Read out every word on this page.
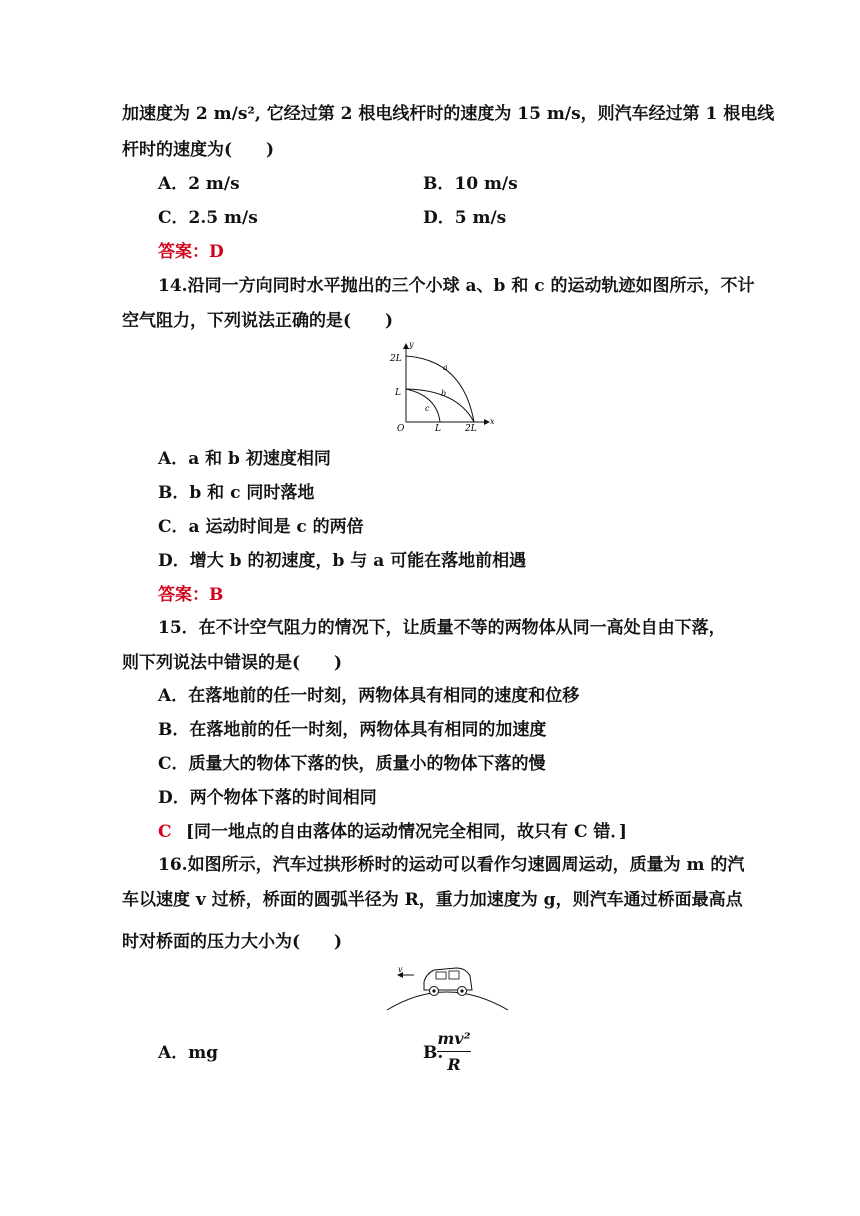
加速度为 2 m/s², 它经过第 2 根电线杆时的速度为 15 m/s，则汽车经过第 1 根电线
杆时的速度为(　　)
A．2 m/s	B．10 m/s
C．2.5 m/s	D．5 m/s
答案：D
14.沿同一方向同时水平抛出的三个小球 a、b 和 c 的运动轨迹如图所示，不计
空气阻力，下列说法正确的是(　　)
y
x
O
2L
L
L	2L
a
b
c
A．a 和 b 初速度相同
B．b 和 c 同时落地
C．a 运动时间是 c 的两倍
D．增大 b 的初速度，b 与 a 可能在落地前相遇
答案：B
15．在不计空气阻力的情况下，让质量不等的两物体从同一高处自由下落，
则下列说法中错误的是(　　)
A．在落地前的任一时刻，两物体具有相同的速度和位移
B．在落地前的任一时刻，两物体具有相同的加速度
C．质量大的物体下落的快，质量小的物体下落的慢
D．两个物体下落的时间相同
C [同一地点的自由落体的运动情况完全相同，故只有 C 错．]
16.如图所示，汽车过拱形桥时的运动可以看作匀速圆周运动，质量为 m 的汽
车以速度 v 过桥，桥面的圆弧半径为 R，重力加速度为 g，则汽车通过桥面最高点
时对桥面的压力大小为(　　)
v
A．mg	B.
mv²
R
